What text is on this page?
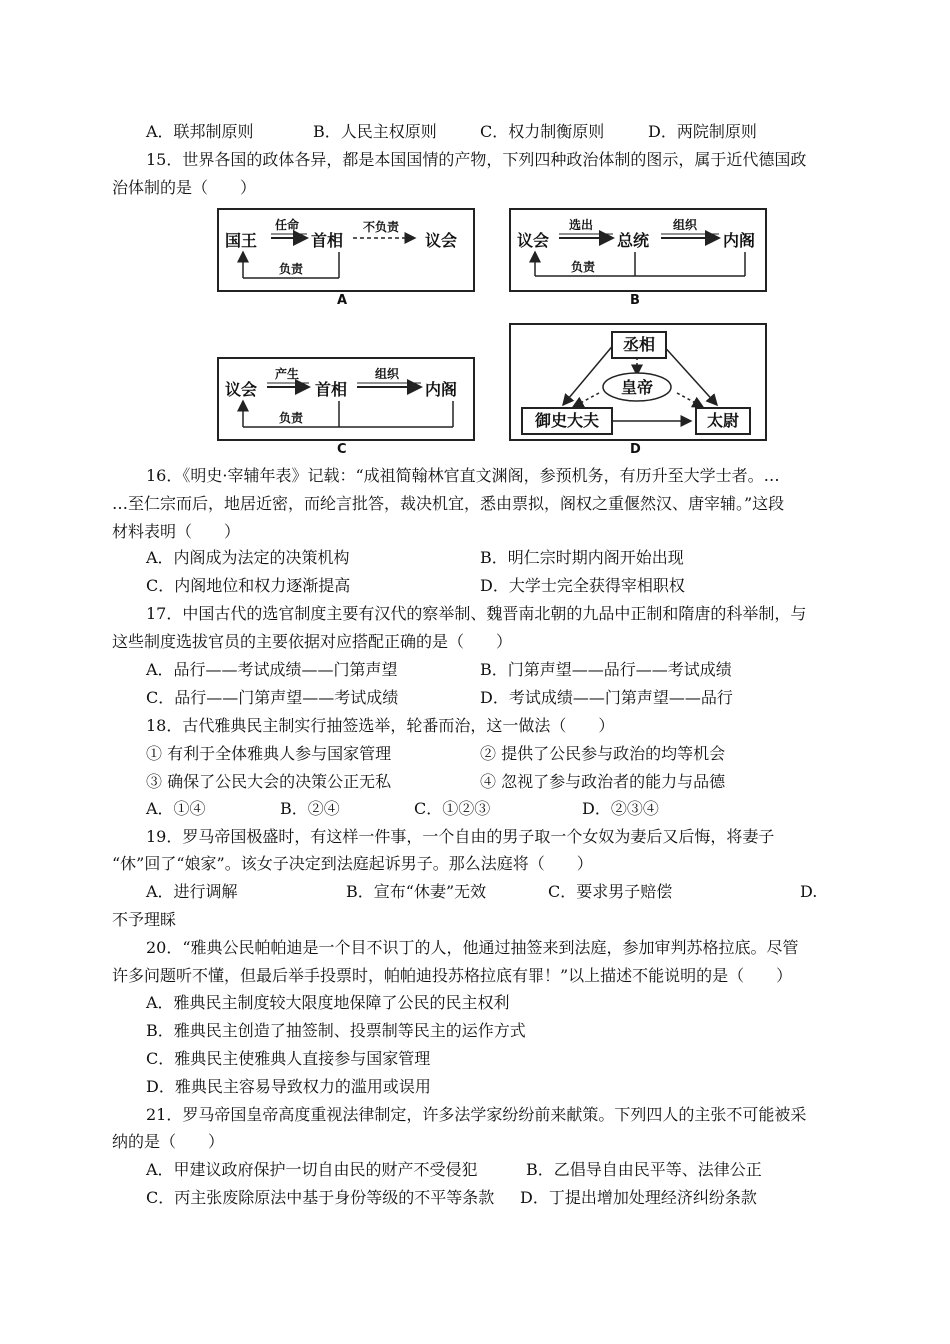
A．联邦制原则	B．人民主权原则	C．权力制衡原则	D．两院制原则
15．世界各国的政体各异，都是本国国情的产物，下列四种政治体制的图示，属于近代德国政
治体制的是（　　）
国王	首相	议会
任命	不负责
负责
A
议会	总统	内阁
选出	组织
负责
B
议会	首相	内阁
产生	组织
负责
C
丞相
皇帝
御史大夫	太尉
D
16．《明史·宰辅年表》记载：“成祖简翰林官直文渊阁，参预机务，有历升至大学士者。…
…至仁宗而后，地居近密，而纶言批答，裁决机宜，悉由票拟，阁权之重偃然汉、唐宰辅。”这段
材料表明（　　）
A．内阁成为法定的决策机构	B．明仁宗时期内阁开始出现
C．内阁地位和权力逐渐提高	D．大学士完全获得宰相职权
17．中国古代的选官制度主要有汉代的察举制、魏晋南北朝的九品中正制和隋唐的科举制，与
这些制度选拔官员的主要依据对应搭配正确的是（　　）
A．品行——考试成绩——门第声望	B．门第声望——品行——考试成绩
C．品行——门第声望——考试成绩	D．考试成绩——门第声望——品行
18．古代雅典民主制实行抽签选举，轮番而治，这一做法（　　）
① 有利于全体雅典人参与国家管理	② 提供了公民参与政治的均等机会
③ 确保了公民大会的决策公正无私	④ 忽视了参与政治者的能力与品德
A．①④	B．②④	C．①②③	D．②③④
19．罗马帝国极盛时，有这样一件事，一个自由的男子取一个女奴为妻后又后悔，将妻子
“休”回了“娘家”。该女子决定到法庭起诉男子。那么法庭将（　　）
A．进行调解	B．宣布“休妻”无效	C．要求男子赔偿	D.
不予理睬
20．“雅典公民帕帕迪是一个目不识丁的人，他通过抽签来到法庭，参加审判苏格拉底。尽管
许多问题听不懂，但最后举手投票时，帕帕迪投苏格拉底有罪！”以上描述不能说明的是（　　）
A．雅典民主制度较大限度地保障了公民的民主权利
B．雅典民主创造了抽签制、投票制等民主的运作方式
C．雅典民主使雅典人直接参与国家管理
D．雅典民主容易导致权力的滥用或误用
21．罗马帝国皇帝高度重视法律制定，许多法学家纷纷前来献策。下列四人的主张不可能被采
纳的是（　　）
A．甲建议政府保护一切自由民的财产不受侵犯	B．乙倡导自由民平等、法律公正
C．丙主张废除原法中基于身份等级的不平等条款 D．丁提出增加处理经济纠纷条款
